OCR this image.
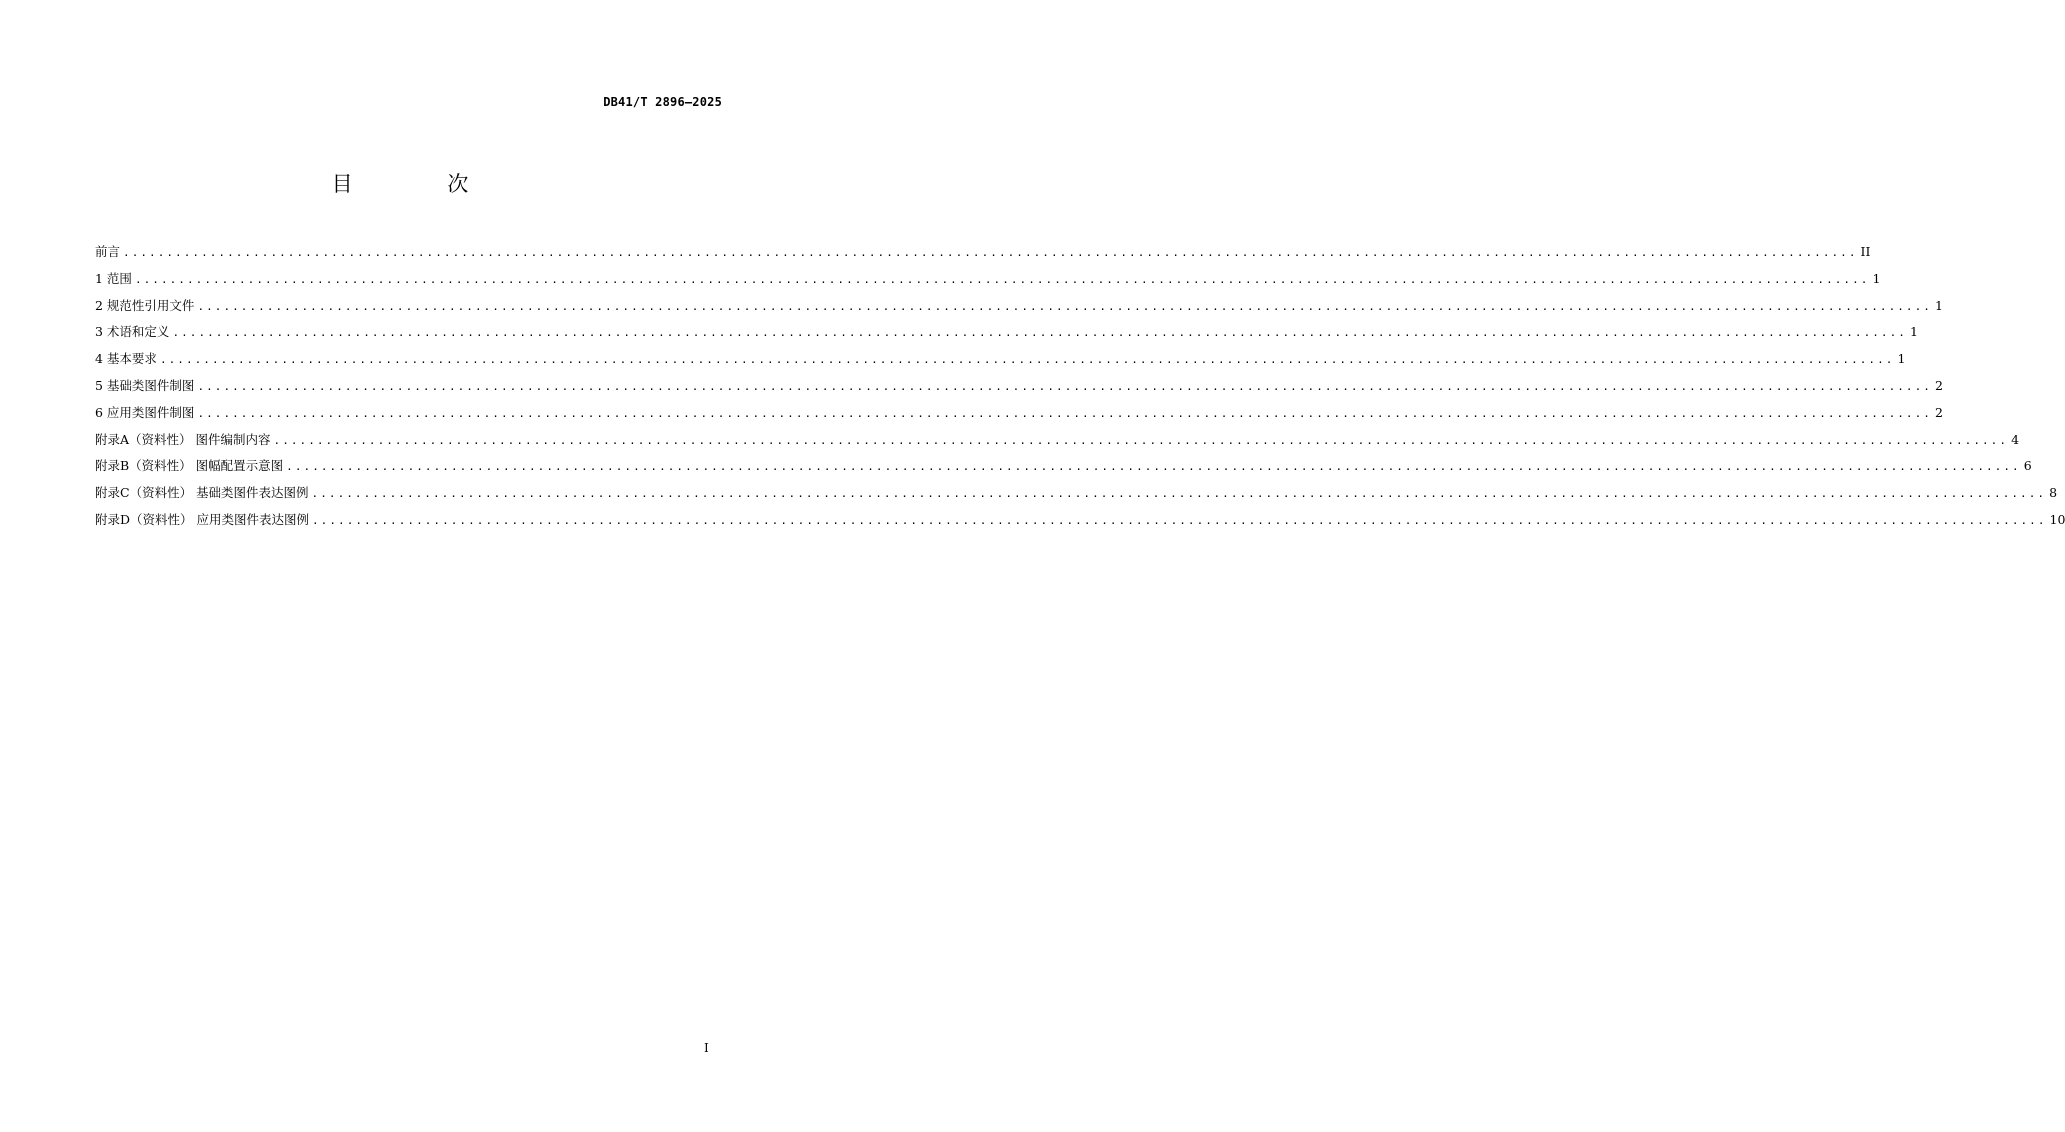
DB41/T 2896—2025
目 次
前言 ........................................................................................................................................................................................................ II
1 范围 ........................................................................................................................................................................................................ 1
2 规范性引用文件 ........................................................................................................................................................................................................ 1
3 术语和定义 ........................................................................................................................................................................................................ 1
4 基本要求 ........................................................................................................................................................................................................ 1
5 基础类图件制图 ........................................................................................................................................................................................................ 2
6 应用类图件制图 ........................................................................................................................................................................................................ 2
附录A（资料性） 图件编制内容 ........................................................................................................................................................................................................ 4
附录B（资料性） 图幅配置示意图 ........................................................................................................................................................................................................ 6
附录C（资料性） 基础类图件表达图例 ........................................................................................................................................................................................................ 8
附录D（资料性） 应用类图件表达图例 ........................................................................................................................................................................................................ 10
I
